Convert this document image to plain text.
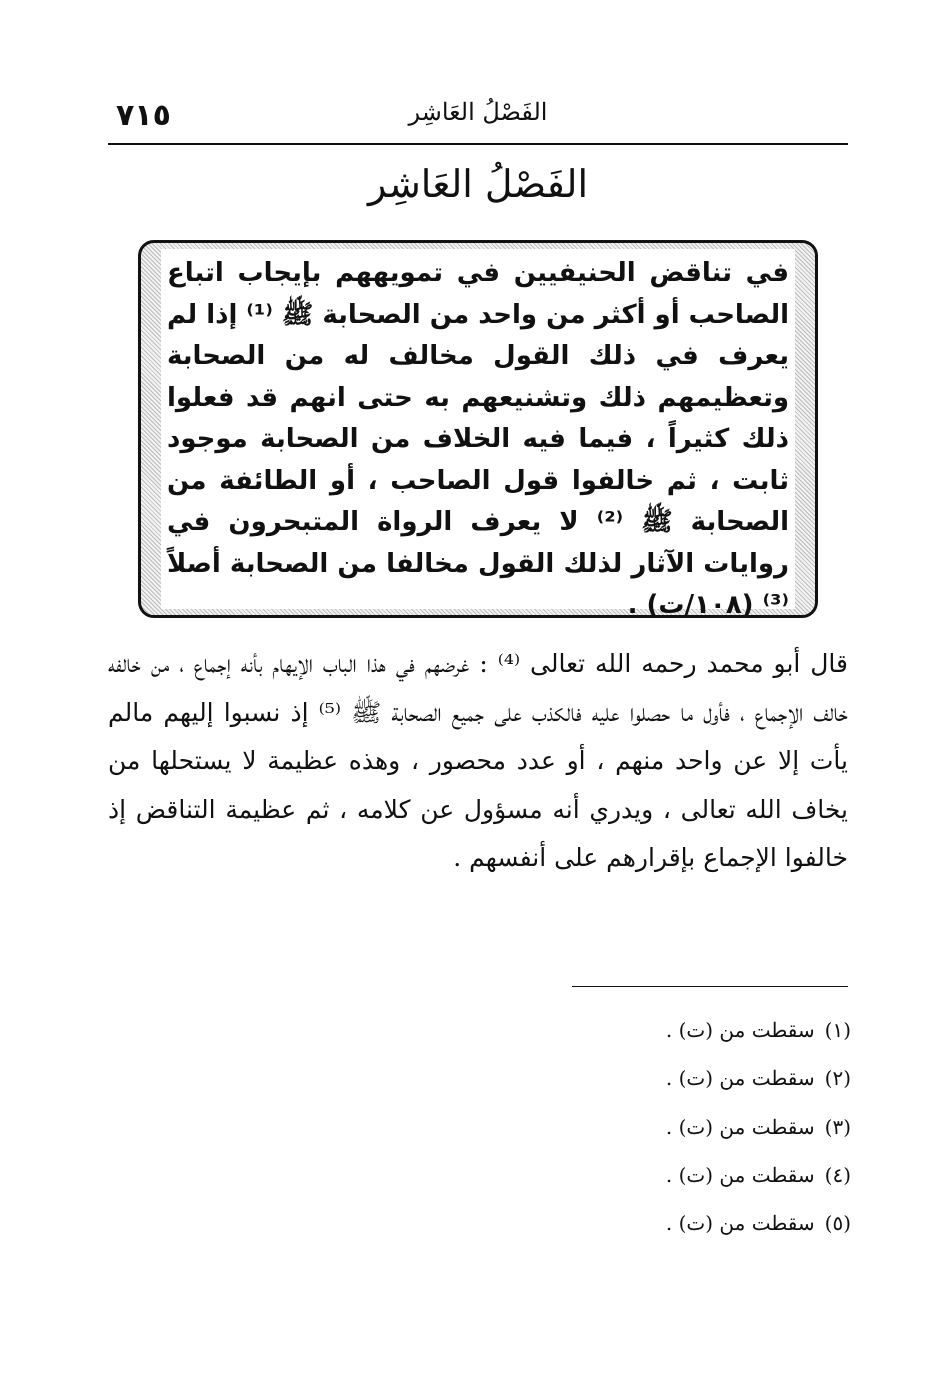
٧١٥	الفَصْلُ العَاشِر
الفَصْلُ العَاشِر

في تناقض الحنيفيين في تمويههم بإيجاب اتباع الصاحب أو أكثر من واحد من الصحابة ﷺ ⁽¹⁾ إذا لم يعرف في ذلك القول مخالف له من الصحابة وتعظيمهم ذلك وتشنيعهم به حتى انهم قد فعلوا ذلك كثيراً ، فيما فيه الخلاف من الصحابة موجود ثابت ، ثم خالفوا قول الصاحب ، أو الطائفة من الصحابة ﷺ ⁽²⁾ لا يعرف الرواة المتبحرون في روايات الآثار لذلك القول مخالفا من الصحابة أصلاً ⁽³⁾ (١٠٨/ت) .

قال أبو محمد رحمه الله تعالى ⁽⁴⁾ : غرضهم في هذا الباب الإيهام بأنه إجماع ، من خالفه خالف الإجماع ، فأول ما حصلوا عليه فالكذب على جميع الصحابة ﷺ ⁽⁵⁾ إذ نسبوا إليهم مالم يأت إلا عن واحد منهم ، أو عدد محصور ، وهذه عظيمة لا يستحلها من يخاف الله تعالى ، ويدري أنه مسؤول عن كلامه ، ثم عظيمة التناقض إذ خالفوا الإجماع بإقرارهم على أنفسهم .

(١)سقطت من (ت) .
(٢)سقطت من (ت) .
(٣)سقطت من (ت) .
(٤)سقطت من (ت) .
(٥)سقطت من (ت) .
